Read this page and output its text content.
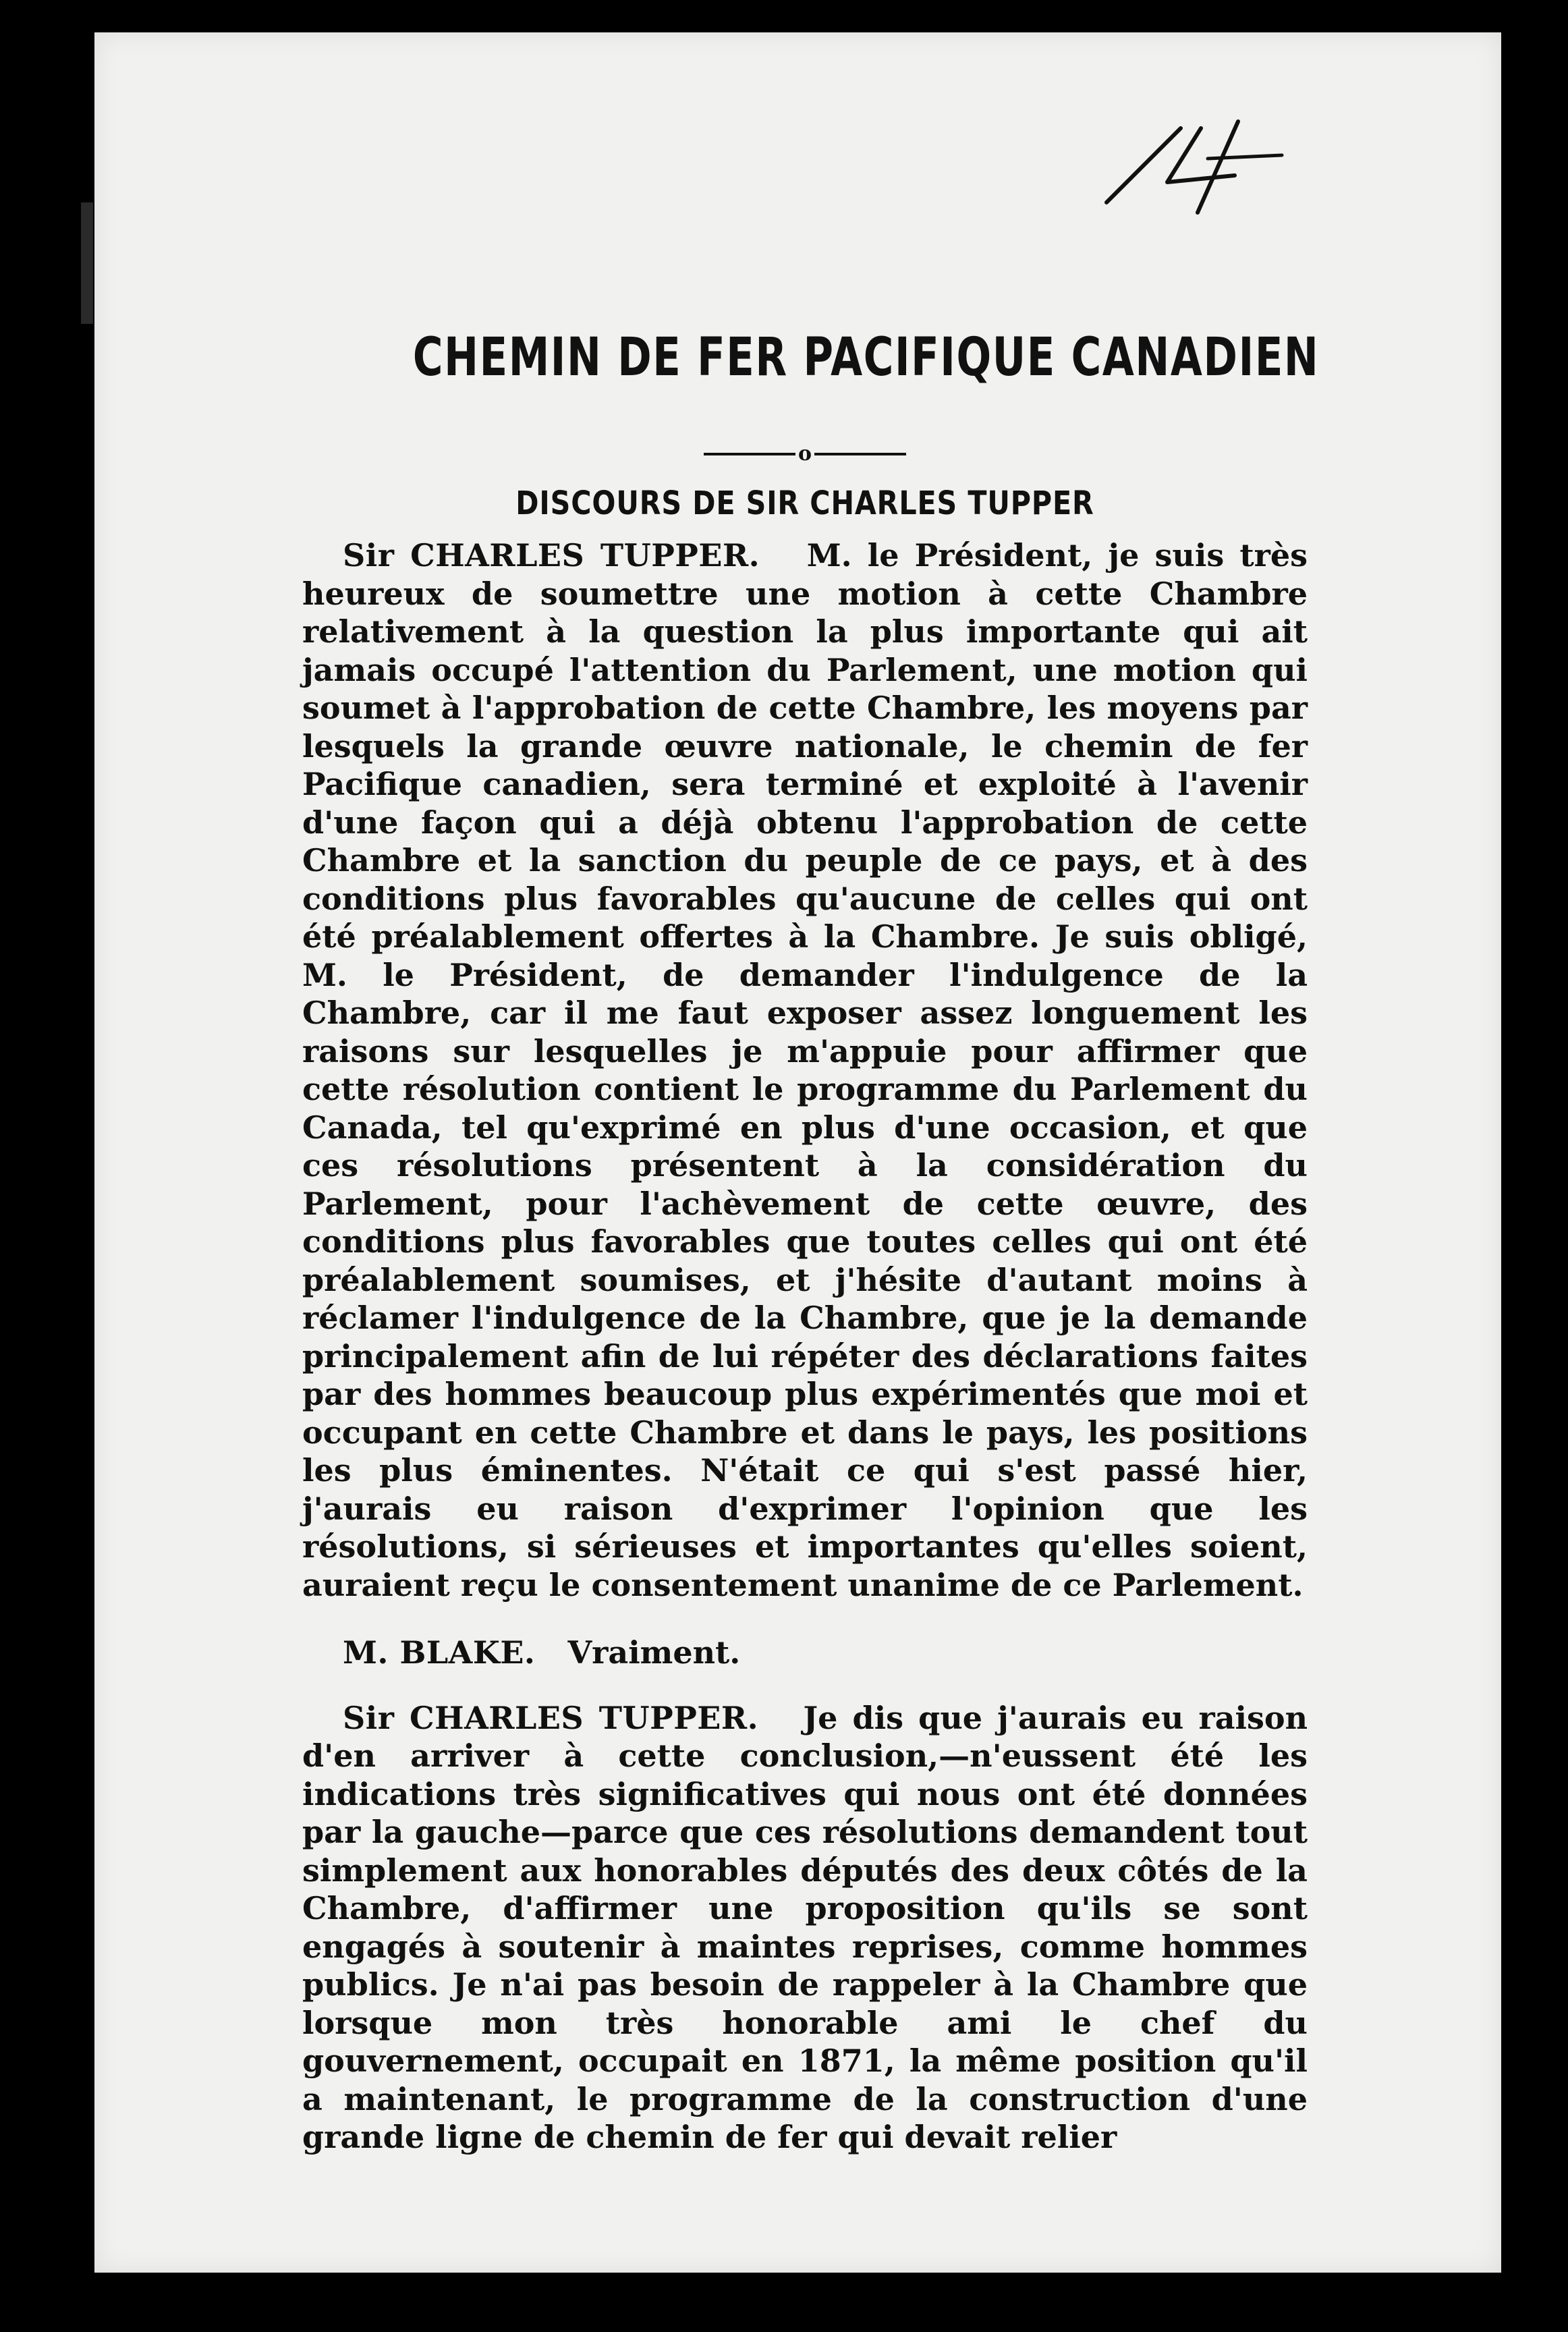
CHEMIN DE FER PACIFIQUE CANADIEN
o
DISCOURS DE SIR CHARLES TUPPER

Sir CHARLES TUPPER. M. le Président, je suis très heureux de soumettre une motion à cette Chambre relativement à la question la plus importante qui ait jamais occupé l'attention du Parlement, une motion qui soumet à l'approbation de cette Chambre, les moyens par lesquels la grande œuvre nationale, le chemin de fer Pacifique canadien, sera terminé et exploité à l'avenir d'une façon qui a déjà obtenu l'approbation de cette Chambre et la sanction du peuple de ce pays, et à des conditions plus favorables qu'aucune de celles qui ont été préalablement offertes à la Chambre. Je suis obligé, M. le Président, de demander l'indulgence de la Chambre, car il me faut exposer assez longuement les raisons sur lesquelles je m'appuie pour affirmer que cette résolution contient le programme du Parlement du Canada, tel qu'exprimé en plus d'une occasion, et que ces résolutions présentent à la considération du Parlement, pour l'achèvement de cette œuvre, des conditions plus favorables que toutes celles qui ont été préalablement soumises, et j'hésite d'autant moins à réclamer l'indulgence de la Chambre, que je la demande principalement afin de lui répéter des déclarations faites par des hommes beaucoup plus expérimentés que moi et occupant en cette Chambre et dans le pays, les positions les plus éminentes. N'était ce qui s'est passé hier, j'aurais eu raison d'exprimer l'opinion que les résolutions, si sérieuses et importantes qu'elles soient, auraient reçu le consentement unanime de ce Parlement.

M. BLAKE. Vraiment.

Sir CHARLES TUPPER. Je dis que j'aurais eu raison d'en arriver à cette conclusion,—n'eussent été les indications très significatives qui nous ont été données par la gauche—parce que ces résolutions demandent tout simplement aux honorables députés des deux côtés de la Chambre, d'affirmer une proposition qu'ils se sont engagés à soutenir à maintes reprises, comme hommes publics. Je n'ai pas besoin de rappeler à la Chambre que lorsque mon très honorable ami le chef du gouvernement, occupait en 1871, la même position qu'il a maintenant, le programme de la construction d'une grande ligne de chemin de fer qui devait relier
